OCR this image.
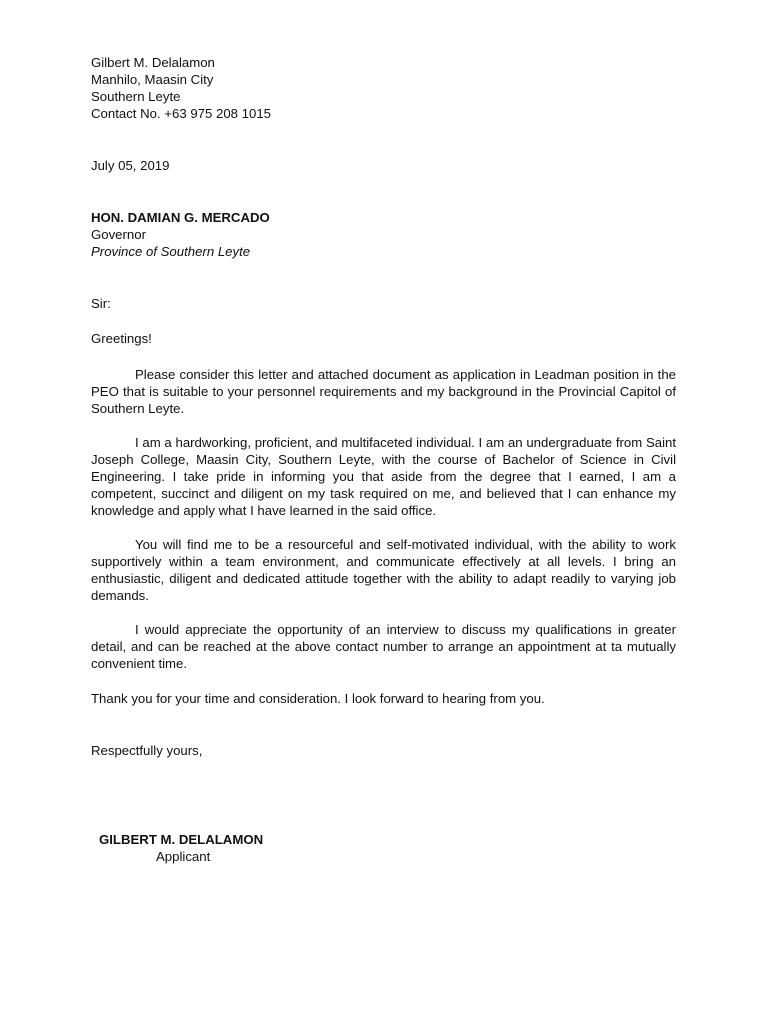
Gilbert M. Delalamon
Manhilo, Maasin City
Southern Leyte
Contact No. +63 975 208 1015
July 05, 2019
HON. DAMIAN G. MERCADO
Governor
Province of Southern Leyte
Sir:
Greetings!

Please consider this letter and attached document as application in Leadman position in the PEO that is suitable to your personnel requirements and my background in the Provincial Capitol of Southern Leyte.

I am a hardworking, proficient, and multifaceted individual. I am an undergraduate from Saint Joseph College, Maasin City, Southern Leyte, with the course of Bachelor of Science in Civil Engineering. I take pride in informing you that aside from the degree that I earned, I am a competent, succinct and diligent on my task required on me, and believed that I can enhance my knowledge and apply what I have learned in the said office.

You will find me to be a resourceful and self-motivated individual, with the ability to work supportively within a team environment, and communicate effectively at all levels. I bring an enthusiastic, diligent and dedicated attitude together with the ability to adapt readily to varying job demands.

I would appreciate the opportunity of an interview to discuss my qualifications in greater detail, and can be reached at the above contact number to arrange an appointment at ta mutually convenient time.

Thank you for your time and consideration. I look forward to hearing from you.
Respectfully yours,
GILBERT M. DELALAMON
Applicant
